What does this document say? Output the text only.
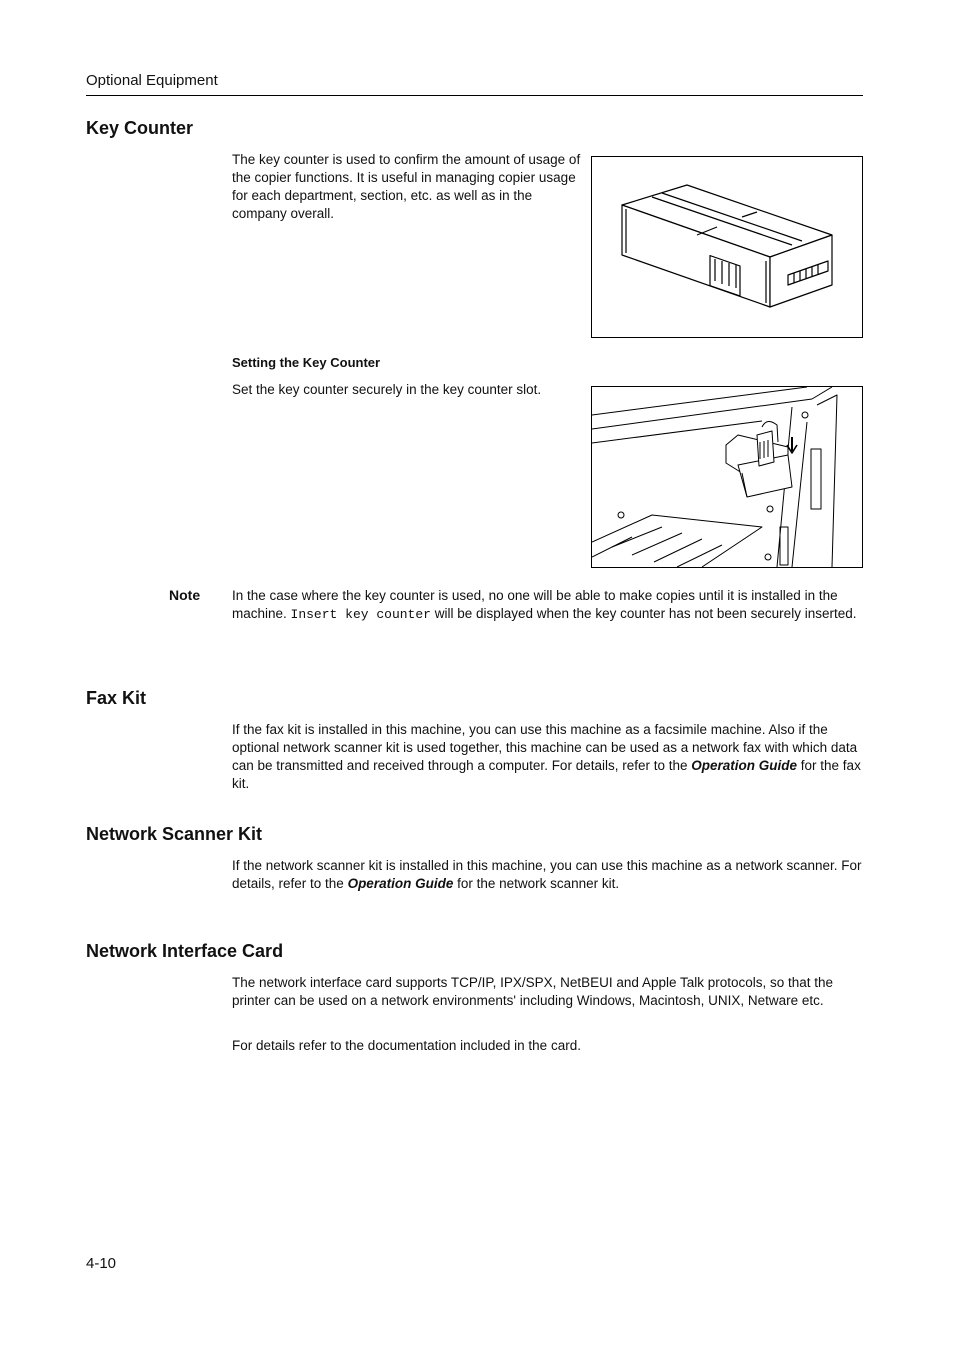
Optional Equipment
Key Counter

The key counter is used to confirm the amount of usage of the copier functions. It is useful in managing copier usage for each department, section, etc. as well as in the company overall.

Setting the Key Counter

Set the key counter securely in the key counter slot.

Note In the case where the key counter is used, no one will be able to make copies until it is installed in the machine. Insert key counter will be displayed when the key counter has not been securely inserted.

Fax Kit

If the fax kit is installed in this machine, you can use this machine as a facsimile machine. Also if the optional network scanner kit is used together, this machine can be used as a network fax with which data can be transmitted and received through a computer. For details, refer to the Operation Guide for the fax kit.

Network Scanner Kit

If the network scanner kit is installed in this machine, you can use this machine as a network scanner. For details, refer to the Operation Guide for the network scanner kit.

Network Interface Card

The network interface card supports TCP/IP, IPX/SPX, NetBEUI and Apple Talk protocols, so that the printer can be used on a network environments' including Windows, Macintosh, UNIX, Netware etc.

For details refer to the documentation included in the card.

4-10
